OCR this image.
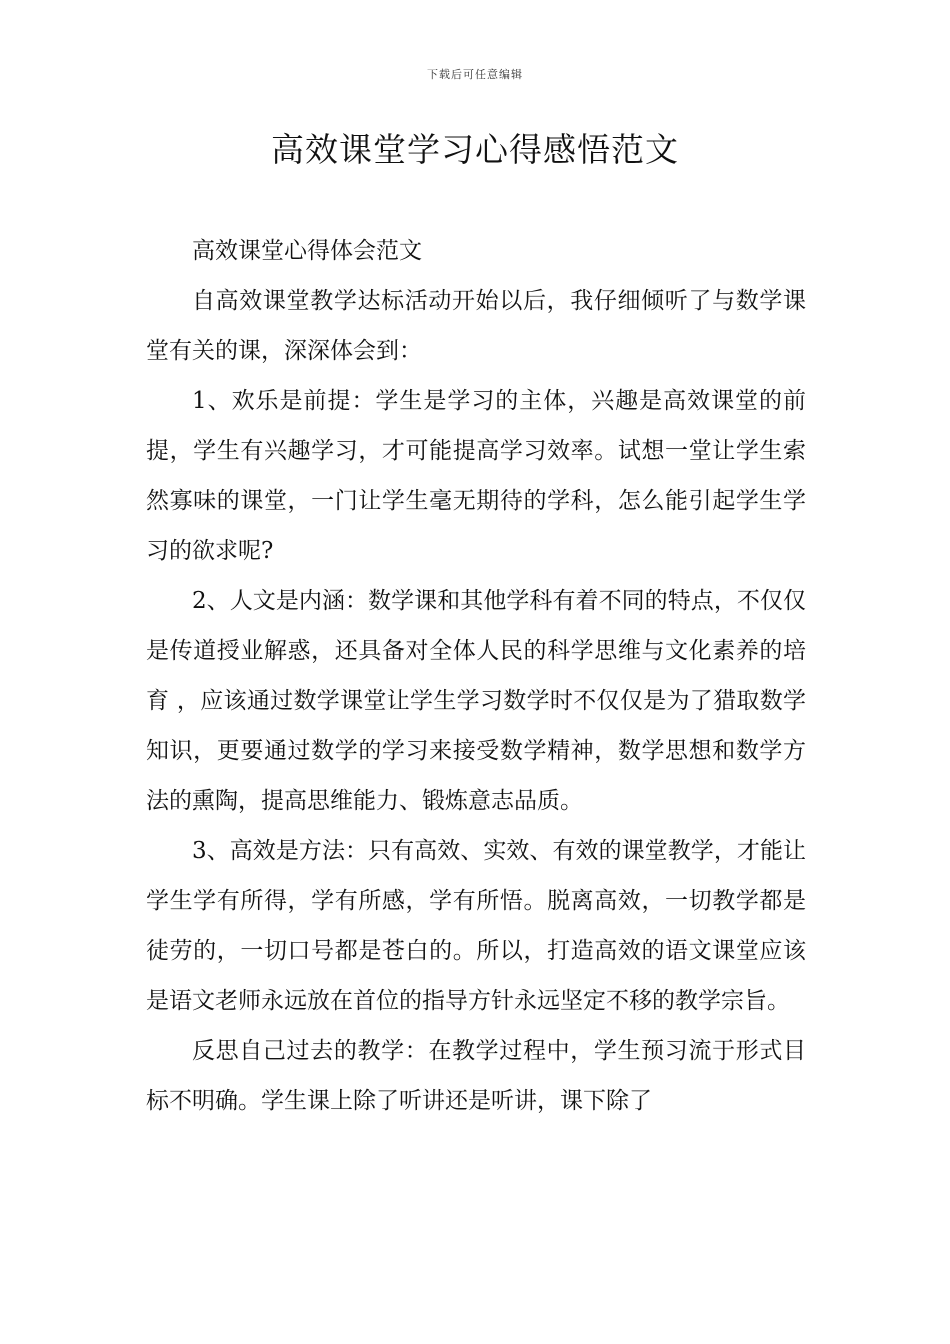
下载后可任意编辑
高效课堂学习心得感悟范文

高效课堂心得体会范文

自高效课堂教学达标活动开始以后，我仔细倾听了与数学课堂有关的课，深深体会到：

1、欢乐是前提：学生是学习的主体，兴趣是高效课堂的前提，学生有兴趣学习，才可能提高学习效率。试想一堂让学生索然寡味的课堂，一门让学生毫无期待的学科，怎么能引起学生学习的欲求呢?

2、人文是内涵：数学课和其他学科有着不同的特点，不仅仅是传道授业解惑，还具备对全体人民的科学思维与文化素养的培育 ，应该通过数学课堂让学生学习数学时不仅仅是为了猎取数学知识，更要通过数学的学习来接受数学精神，数学思想和数学方法的熏陶，提高思维能力、锻炼意志品质。

3、高效是方法：只有高效、实效、有效的课堂教学，才能让学生学有所得，学有所感，学有所悟。脱离高效，一切教学都是徒劳的，一切口号都是苍白的。所以，打造高效的语文课堂应该是语文老师永远放在首位的指导方针永远坚定不移的教学宗旨。

反思自己过去的教学：在教学过程中，学生预习流于形式目标不明确。学生课上除了听讲还是听讲，课下除了
